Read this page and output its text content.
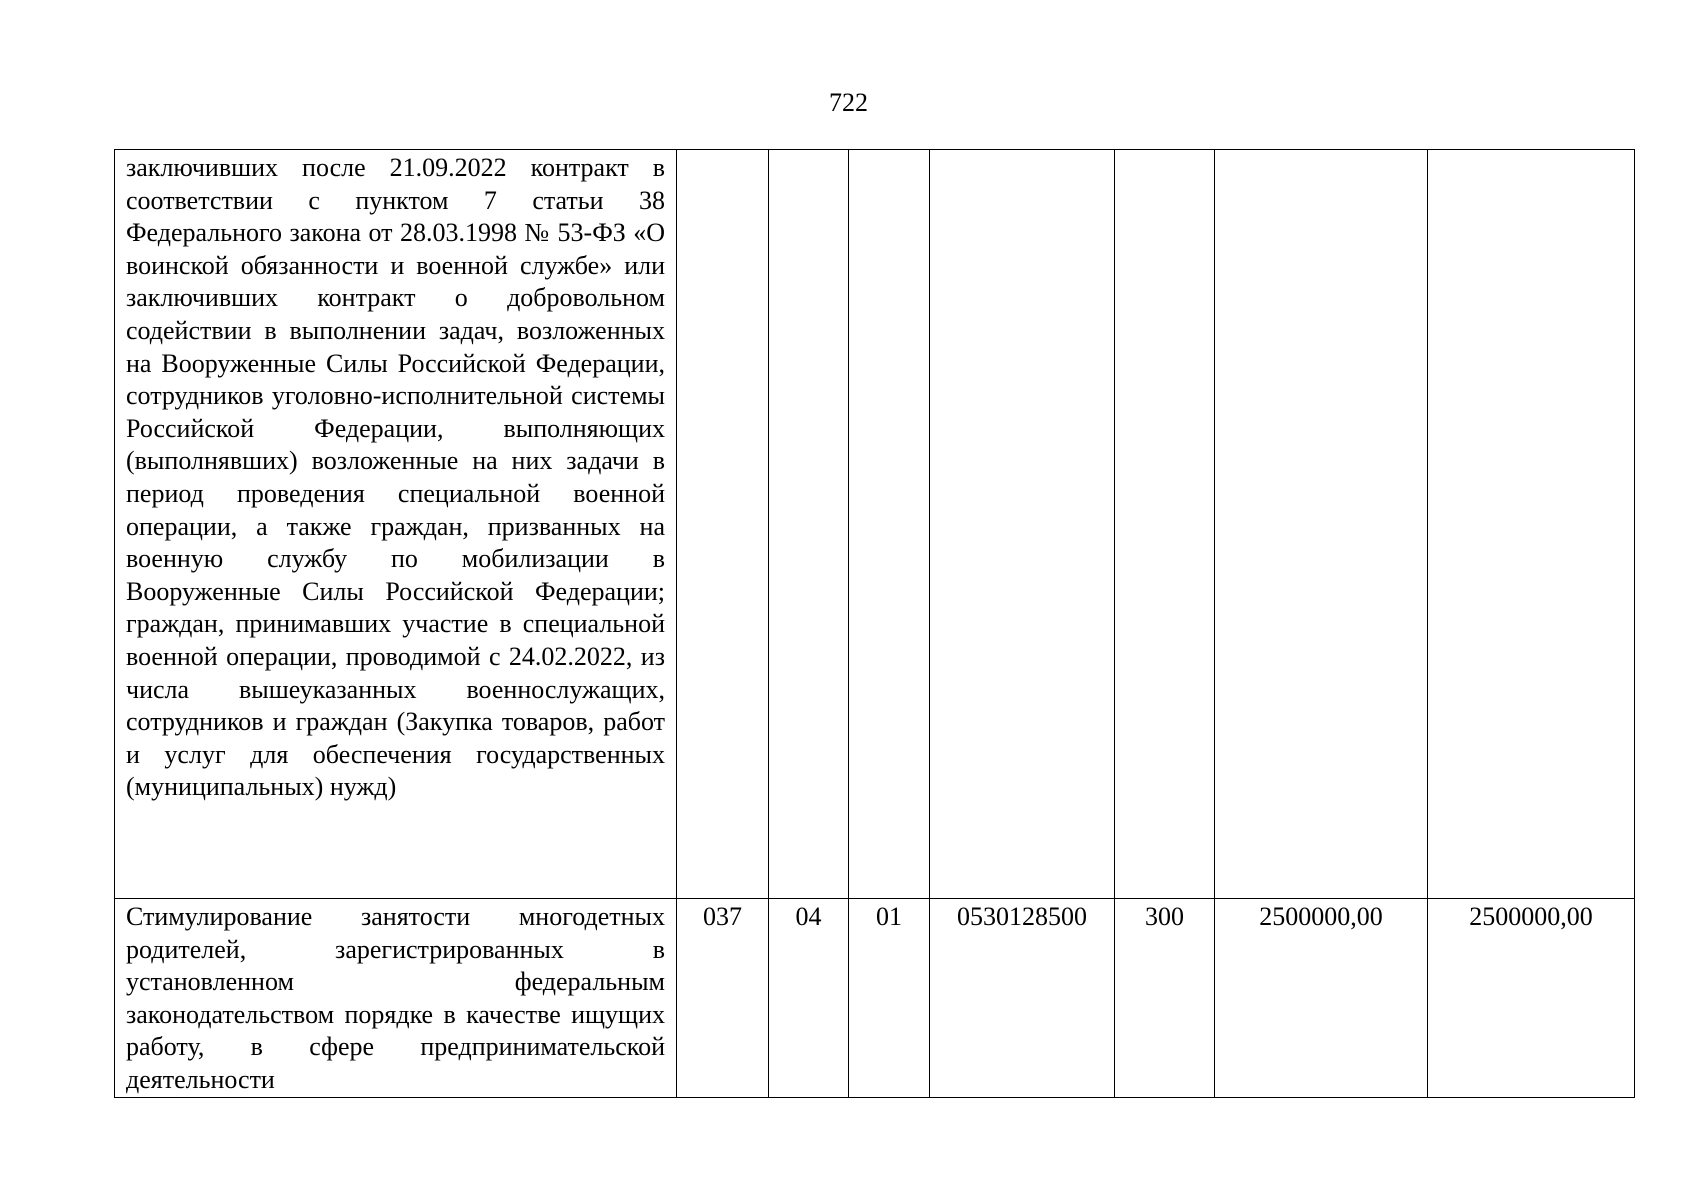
722
заключивших после 21.09.2022 контракт в соответствии с пунктом 7 статьи 38 Федерального закона от 28.03.1998 № 53-ФЗ «О воинской обязанности и военной службе» или заключивших контракт о добровольном содействии в выполнении задач, возложенных на Вооруженные Силы Российской Федерации, сотрудников уголовно-исполнительной системы Российской Федерации, выполняющих (выполнявших) возложенные на них задачи в период проведения специальной военной операции, а также граждан, призванных на военную службу по мобилизации в Вооруженные Силы Российской Федерации; граждан, принимавших участие в специальной военной операции, проводимой с 24.02.2022, из числа вышеуказанных военнослужащих, сотрудников и граждан (Закупка товаров, работ и услуг для обеспечения государственных (муниципальных) нужд)							
Стимулирование занятости многодетных родителей, зарегистрированных в установленном федеральным законодательством порядке в качестве ищущих работу, в сфере предпринимательской деятельности	037	04	01	0530128500	300	2500000,00	2500000,00
